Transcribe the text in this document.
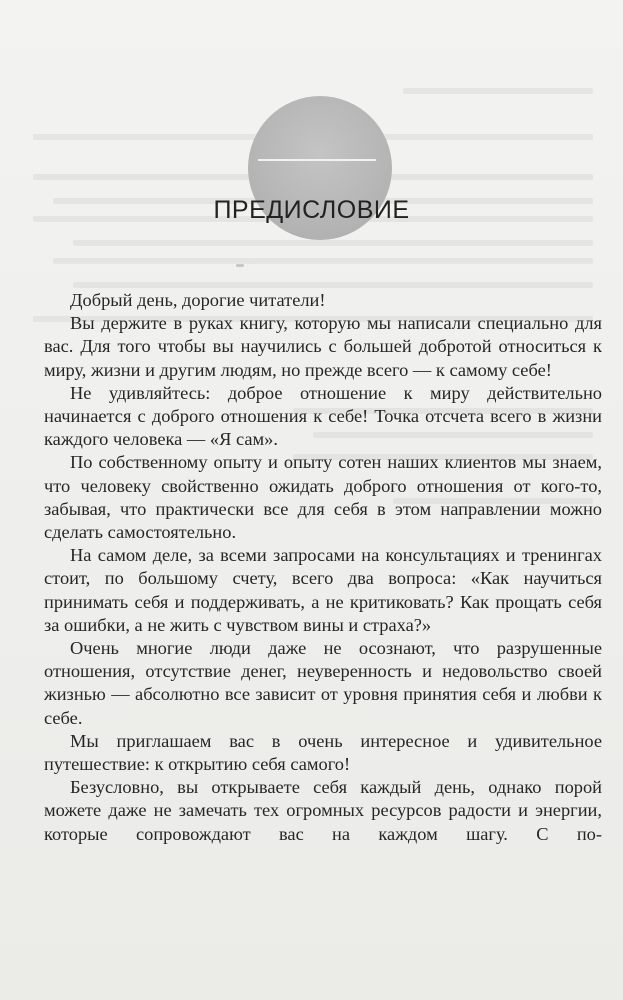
ПРЕДИСЛОВИЕ

Добрый день, дорогие читатели!

Вы держите в руках книгу, которую мы написали специально для вас. Для того чтобы вы научились с большей добротой относиться к миру, жизни и другим людям, но прежде всего — к самому себе!

Не удивляйтесь: доброе отношение к миру действительно начинается с доброго отношения к себе! Точка отсчета всего в жизни каждого человека — «Я сам».

По собственному опыту и опыту сотен наших клиентов мы знаем, что человеку свойственно ожидать доброго отношения от кого-то, забывая, что практически все для себя в этом направлении можно сделать самостоятельно.

На самом деле, за всеми запросами на консультациях и тренингах стоит, по большому счету, всего два вопроса: «Как научиться принимать себя и поддерживать, а не критиковать? Как прощать себя за ошибки, а не жить с чувством вины и страха?»

Очень многие люди даже не осознают, что разрушенные отношения, отсутствие денег, неуверенность и недовольство своей жизнью — абсолютно все зависит от уровня принятия себя и любви к себе.

Мы приглашаем вас в очень интересное и удивительное путешествие: к открытию себя самого!

Безусловно, вы открываете себя каждый день, однако порой можете даже не замечать тех огромных ресурсов радости и энергии, которые сопровождают вас на каждом шагу. С по-
